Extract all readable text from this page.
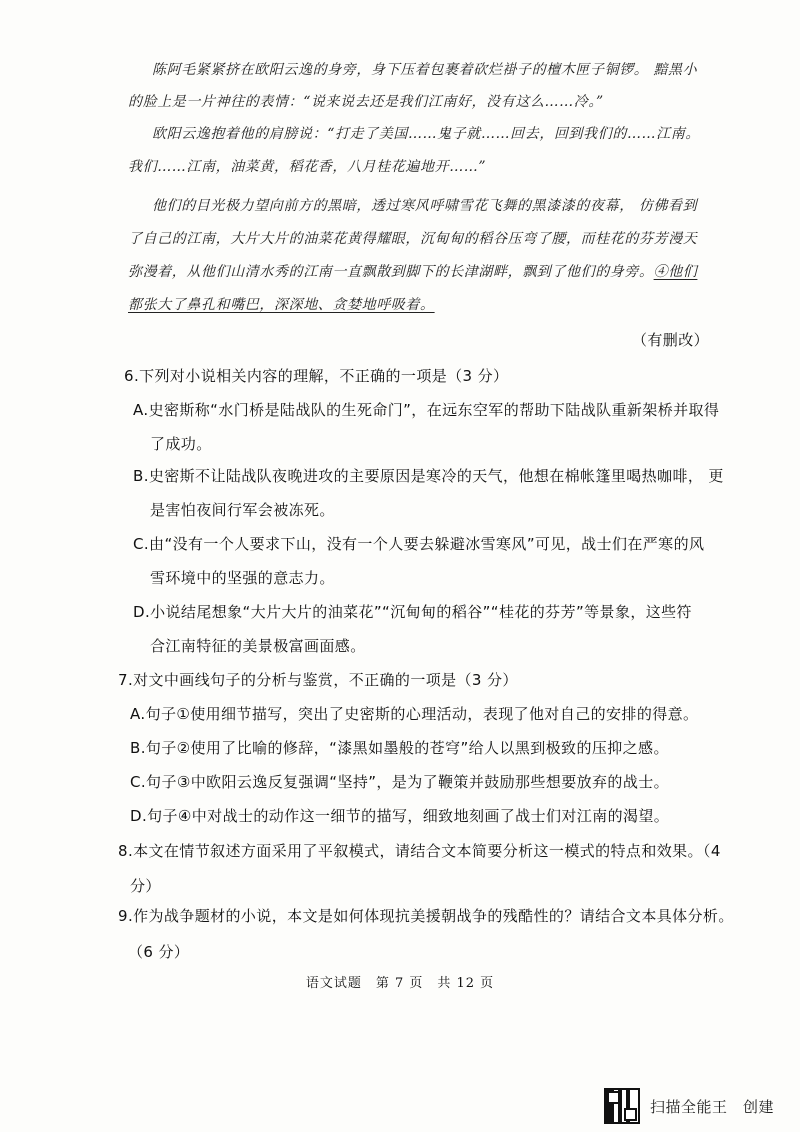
陈阿毛紧紧挤在欧阳云逸的身旁，身下压着包裹着砍烂褂子的檀木匣子铜锣。 黯黑小
的脸上是一片神往的表情：“说来说去还是我们江南好，没有这么……冷。”
欧阳云逸抱着他的肩膀说：“打走了美国……鬼子就……回去，回到我们的……江南。
我们……江南，油菜黄，稻花香，八月桂花遍地开……”
他们的目光极力望向前方的黑暗，透过寒风呼啸雪花飞舞的黑漆漆的夜幕， 仿佛看到
了自己的江南，大片大片的油菜花黄得耀眼，沉甸甸的稻谷压弯了腰，而桂花的芬芳漫天
弥漫着，从他们山清水秀的江南一直飘散到脚下的长津湖畔，飘到了他们的身旁。④他们
都张大了鼻孔和嘴巴，深深地、贪婪地呼吸着。
（有删改）
6.下列对小说相关内容的理解，不正确的一项是（3 分）
A.史密斯称“水门桥是陆战队的生死命门”，在远东空军的帮助下陆战队重新架桥并取得
了成功。
B.史密斯不让陆战队夜晚进攻的主要原因是寒冷的天气，他想在棉帐篷里喝热咖啡， 更
是害怕夜间行军会被冻死。
C.由“没有一个人要求下山，没有一个人要去躲避冰雪寒风”可见，战士们在严寒的风
雪环境中的坚强的意志力。
D.小说结尾想象“大片大片的油菜花”“沉甸甸的稻谷”“桂花的芬芳”等景象，这些符
合江南特征的美景极富画面感。
7.对文中画线句子的分析与鉴赏，不正确的一项是（3 分）
A.句子①使用细节描写，突出了史密斯的心理活动，表现了他对自己的安排的得意。
B.句子②使用了比喻的修辞，“漆黑如墨般的苍穹”给人以黑到极致的压抑之感。
C.句子③中欧阳云逸反复强调“坚持”，是为了鞭策并鼓励那些想要放弃的战士。
D.句子④中对战士的动作这一细节的描写，细致地刻画了战士们对江南的渴望。
8.本文在情节叙述方面采用了平叙模式，请结合文本简要分析这一模式的特点和效果。（4
分）
9.作为战争题材的小说，本文是如何体现抗美援朝战争的残酷性的？请结合文本具体分析。
（6 分）
语文试题　第 7 页　共 12 页
扫描全能王　创建
